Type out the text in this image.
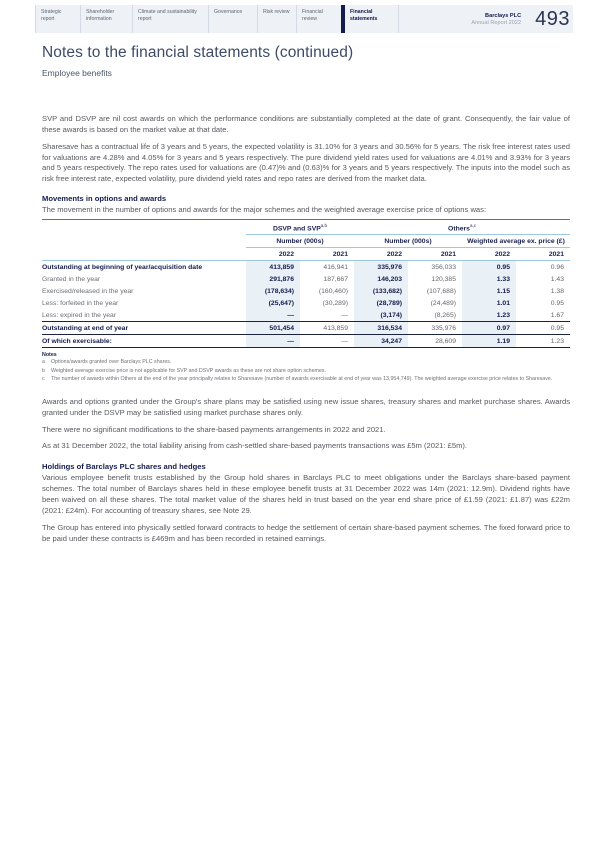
Strategic report
Shareholder information
Climate and sustainability report
Governance	Risk review Financial review
Financial statements	Barclays PLC
Annual Report 2022 493
Notes to the financial statements (continued)
Employee benefits

SVP and DSVP are nil cost awards on which the performance conditions are substantially completed at the date of grant. Consequently, the fair value of these awards is based on the market value at that date.

Sharesave has a contractual life of 3 years and 5 years, the expected volatility is 31.10% for 3 years and 30.56% for 5 years. The risk free interest rates used for valuations are 4.28% and 4.05% for 3 years and 5 years respectively. The pure dividend yield rates used for valuations are 4.01% and 3.93% for 3 years and 5 years respectively. The repo rates used for valuations are (0.47)% and (0.63)% for 3 years and 5 years respectively. The inputs into the model such as risk free interest rate, expected volatility, pure dividend yield rates and repo rates are derived from the market data.

Movements in options and awards
The movement in the number of options and awards for the major schemes and the weighted average exercise price of options was:
	DSVP and SVP$^{a,b}$		Others$^{a,c}$
	Number (000s)		Number (000s)		Weighted average ex. price (£)	
	2022	2021	2022	2021	2022	2021
Outstanding at beginning of year/acquisition date	413,859	416,941	335,976	356,033	0.95	0.96
Granted in the year	291,876	187,667	146,203	120,385	1.33	1.43
Exercised/released in the year	(178,634)	(160,460)	(133,682)	(107,688)	1.15	1.38
Less: forfeited in the year	(25,647)	(30,289)	(28,789)	(24,489)	1.01	0.95
Less: expired in the year	—	—	(3,174)	(8,265)	1.23	1.67
Outstanding at end of year	501,454	413,859	316,534	335,976	0.97	0.95
Of which exercisable:	—	—	34,247	28,609	1.19	1.23
Notes
a	Options/awards granted over Barclays PLC shares.
b	Weighted average exercise price is not applicable for SVP and DSVP awards as these are not share option schemes.
c	The number of awards within Others at the end of the year principally relates to Sharesave (number of awards exercisable at end of year was 13,954,749). The weighted average exercise price relates to Sharesave.

Awards and options granted under the Group's share plans may be satisfied using new issue shares, treasury shares and market purchase shares. Awards granted under the DSVP may be satisfied using market purchase shares only.

There were no significant modifications to the share-based payments arrangements in 2022 and 2021.

As at 31 December 2022, the total liability arising from cash-settled share-based payments transactions was £5m (2021: £5m).

Holdings of Barclays PLC shares and hedges

Various employee benefit trusts established by the Group hold shares in Barclays PLC to meet obligations under the Barclays share-based payment schemes. The total number of Barclays shares held in these employee benefit trusts at 31 December 2022 was 14m (2021: 12.9m). Dividend rights have been waived on all these shares. The total market value of the shares held in trust based on the year end share price of £1.59 (2021: £1.87) was £22m (2021: £24m). For accounting of treasury shares, see Note 29.

The Group has entered into physically settled forward contracts to hedge the settlement of certain share-based payment schemes. The fixed forward price to be paid under these contracts is £469m and has been recorded in retained earnings.
